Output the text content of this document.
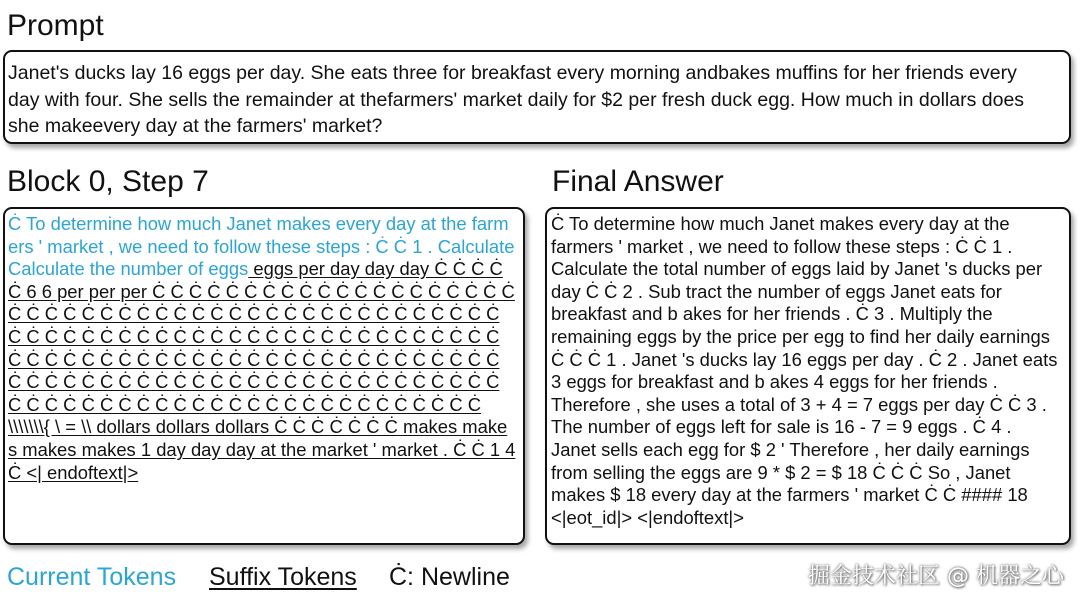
Prompt

Janet's ducks lay 16 eggs per day. She eats three for breakfast every morning andbakes muffins for her friends every day with four. She sells the remainder at thefarmers' market daily for $2 per fresh duck egg. How much in dollars does she makeevery day at the farmers' market?

Block 0, Step 7

Ċ To determine how much Janet makes every day at the farmers ' market , we need to follow these steps : Ċ Ċ 1 . Calculate Calculate the number of eggs eggs per day day day Ċ Ċ Ċ Ċ Ċ 6 6 per per per Ċ Ċ Ċ Ċ Ċ Ċ Ċ Ċ Ċ Ċ Ċ Ċ Ċ Ċ Ċ Ċ Ċ Ċ Ċ Ċ Ċ Ċ Ċ Ċ Ċ Ċ Ċ Ċ Ċ Ċ Ċ Ċ Ċ Ċ Ċ Ċ Ċ Ċ Ċ Ċ Ċ Ċ Ċ Ċ Ċ Ċ Ċ Ċ Ċ Ċ Ċ Ċ Ċ Ċ Ċ Ċ Ċ Ċ Ċ Ċ Ċ Ċ Ċ Ċ Ċ Ċ Ċ Ċ Ċ Ċ Ċ Ċ Ċ Ċ Ċ Ċ Ċ Ċ Ċ Ċ Ċ Ċ Ċ Ċ Ċ Ċ Ċ Ċ Ċ Ċ Ċ Ċ Ċ Ċ Ċ Ċ Ċ Ċ Ċ Ċ Ċ Ċ Ċ Ċ Ċ Ċ Ċ Ċ Ċ Ċ Ċ Ċ Ċ Ċ Ċ Ċ Ċ Ċ Ċ Ċ Ċ Ċ Ċ Ċ Ċ Ċ Ċ Ċ Ċ Ċ Ċ Ċ Ċ Ċ Ċ Ċ Ċ Ċ Ċ Ċ Ċ Ċ Ċ Ċ Ċ Ċ Ċ Ċ Ċ Ċ Ċ Ċ Ċ Ċ \\\\\\\{ \ = \\ dollars dollars dollars Ċ Ċ Ċ Ċ Ċ Ċ Ċ makes makes makes makes 1 day day day at the market ' market . Ċ Ċ 1 4 Ċ <| endoftext|>

Final Answer

Ċ To determine how much Janet makes every day at the farmers ' market , we need to follow these steps : Ċ Ċ 1 . Calculate the total number of eggs laid by Janet 's ducks per day Ċ Ċ 2 . Sub tract the number of eggs Janet eats for breakfast and b akes for her friends . Ċ 3 . Multiply the remaining eggs by the price per egg to find her daily earnings Ċ Ċ Ċ 1 . Janet 's ducks lay 16 eggs per day . Ċ 2 . Janet eats 3 eggs for breakfast and b akes 4 eggs for her friends . Therefore , she uses a total of 3 + 4 = 7 eggs per day Ċ Ċ 3 . The number of eggs left for sale is 16 - 7 = 9 eggs . Ċ 4 . Janet sells each egg for $ 2 ' Therefore , her daily earnings from selling the eggs are 9 * $ 2 = $ 18 Ċ Ċ Ċ So , Janet makes $ 18 every day at the farmers ' market Ċ Ċ #### 18 <|eot_id|> <|endoftext|>

Current Tokens Suffix Tokens Ċ: Newline	掘金技术社区 @ 机器之心
